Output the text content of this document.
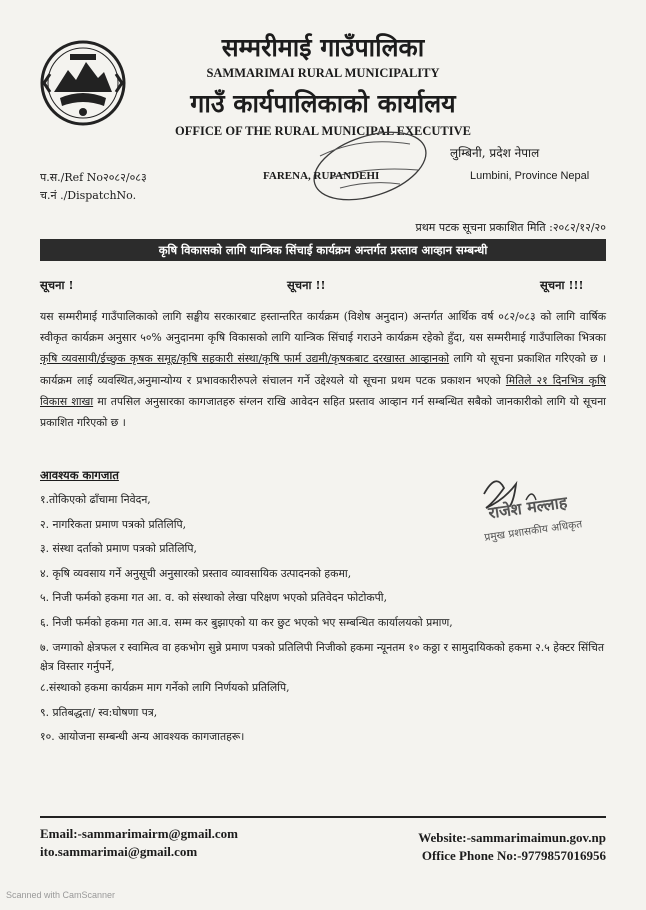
सम्मरीमाई गाउँपालिका
SAMMARIMAI RURAL MUNICIPALITY
गाउँ कार्यपालिकाको कार्यालय
OFFICE OF THE RURAL MUNICIPAL EXECUTIVE
प.स./Ref No२०८२/०८३
च.नं ./DispatchNo.
FARENA, RUPANDEHI
लुम्बिनी, प्रदेश नेपाल
Lumbini, Province Nepal
प्रथम पटक सूचना प्रकाशित मिति :२०८२/१२/२०
कृषि विकासको लागि यान्त्रिक सिंचाई कार्यक्रम अन्तर्गत प्रस्ताव आव्हान सम्बन्धी
सूचना !	सूचना !!	सूचना !!!
यस सम्मरीमाई गाउँपालिकाको लागि सङ्घीय सरकारबाट हस्तान्तरित कार्यक्रम (विशेष अनुदान) अन्तर्गत आर्थिक वर्ष ०८२/०८३ को लागि वार्षिक स्वीकृत कार्यक्रम अनुसार ५०% अनुदानमा कृषि विकासको लागि यान्त्रिक सिंचाई गराउने कार्यक्रम रहेको हुँदा, यस सम्मरीमाई गाउँपालिका भित्रका कृषि व्यवसायी/ईच्छुक कृषक समूह/कृषि सहकारी संस्था/कृषि फार्म उद्यमी/कृषकबाट दरखास्त आव्हानको लागि यो सूचना प्रकाशित गरिएको छ । कार्यक्रम लाई व्यवस्थित,अनुमान्योग्य र प्रभावकारीरुपले संचालन गर्ने उद्देश्यले यो सूचना प्रथम पटक प्रकाशन भएको मितिले २१ दिनभित्र कृषि विकास शाखा मा तपसिल अनुसारका कागजातहरु संग्लन राखि आवेदन सहित प्रस्ताव आव्हान गर्न सम्बन्धित सबैको जानकारीको लागि यो सूचना प्रकाशित गरिएको छ ।
आवश्यक कागजात
१.तोकिएको ढाँचामा निवेदन,
२. नागरिकता प्रमाण पत्रको प्रतिलिपि,
३. संस्था दर्ताको प्रमाण पत्रको प्रतिलिपि,
४. कृषि व्यवसाय गर्ने अनुसूची अनुसारको प्रस्ताव व्यावसायिक उत्पादनको हकमा,
५. निजी फर्मको हकमा गत आ. व. को संस्थाको लेखा परिक्षण भएको प्रतिवेदन फोटोकपी,
६. निजी फर्मको हकमा गत आ.व. सम्म कर बुझाएको या कर छुट भएको भए सम्बन्धित कार्यालयको प्रमाण,
७. जग्गाको क्षेत्रफल र स्वामित्व वा हकभोग सुन्ने प्रमाण पत्रको प्रतिलिपी निजीको हकमा न्यूनतम १० कठ्ठा र सामुदायिकको हकमा २.५ हेक्टर सिंचित क्षेत्र विस्तार गर्नुपर्ने,
८.संस्थाको हकमा कार्यक्रम माग गर्नेको लागि निर्णयको प्रतिलिपि,
९. प्रतिबद्धता/ स्व:घोषणा पत्र,
१०. आयोजना सम्बन्धी अन्य आवश्यक कागजातहरू।
राजेश मल्लाह
प्रमुख प्रशासकीय अधिकृत
Email:-sammarimairm@gmail.com
ito.sammarimai@gmail.com
Website:-sammarimaimun.gov.np
Office Phone No:-9779857016956
Scanned with CamScanner
